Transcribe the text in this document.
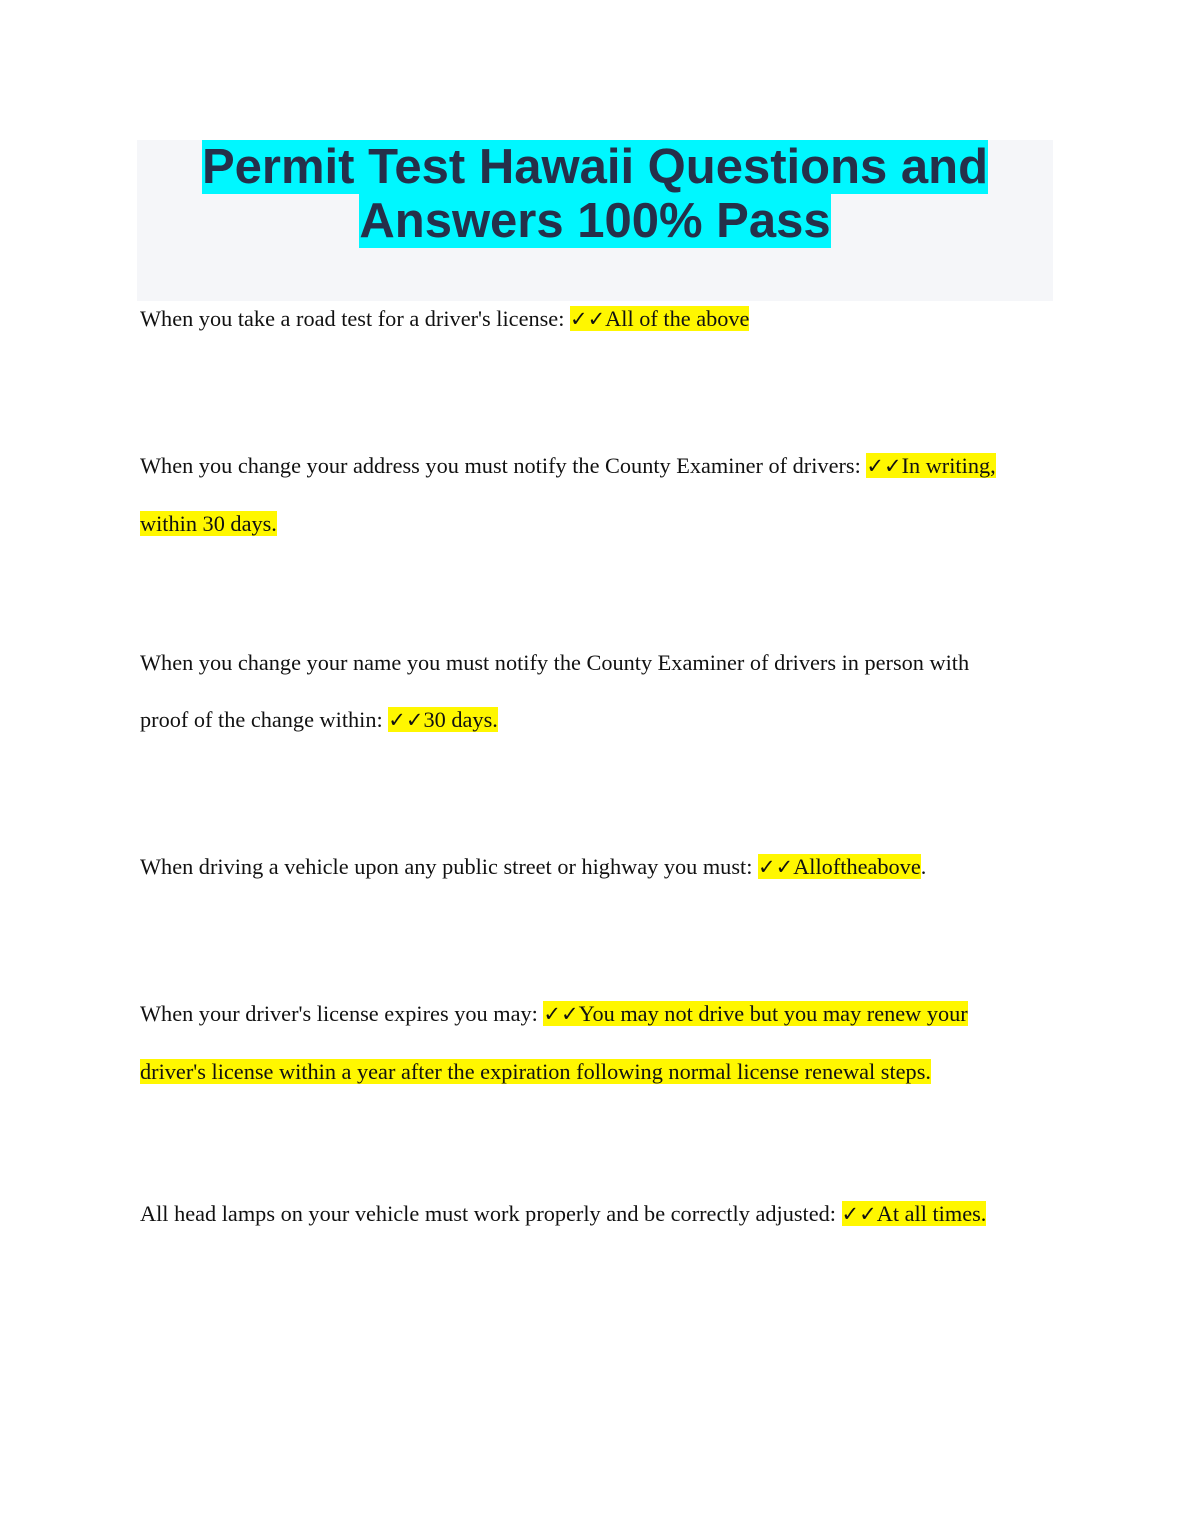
Permit Test Hawaii Questions and
Answers 100% Pass

When you take a road test for a driver's license: ✓✓All of the above

When you change your address you must notify the County Examiner of drivers: ✓✓In writing,
within 30 days.

When you change your name you must notify the County Examiner of drivers in person with
proof of the change within: ✓✓30 days.

When driving a vehicle upon any public street or highway you must: ✓✓Alloftheabove.

When your driver's license expires you may: ✓✓You may not drive but you may renew your
driver's license within a year after the expiration following normal license renewal steps.

All head lamps on your vehicle must work properly and be correctly adjusted: ✓✓At all times.
